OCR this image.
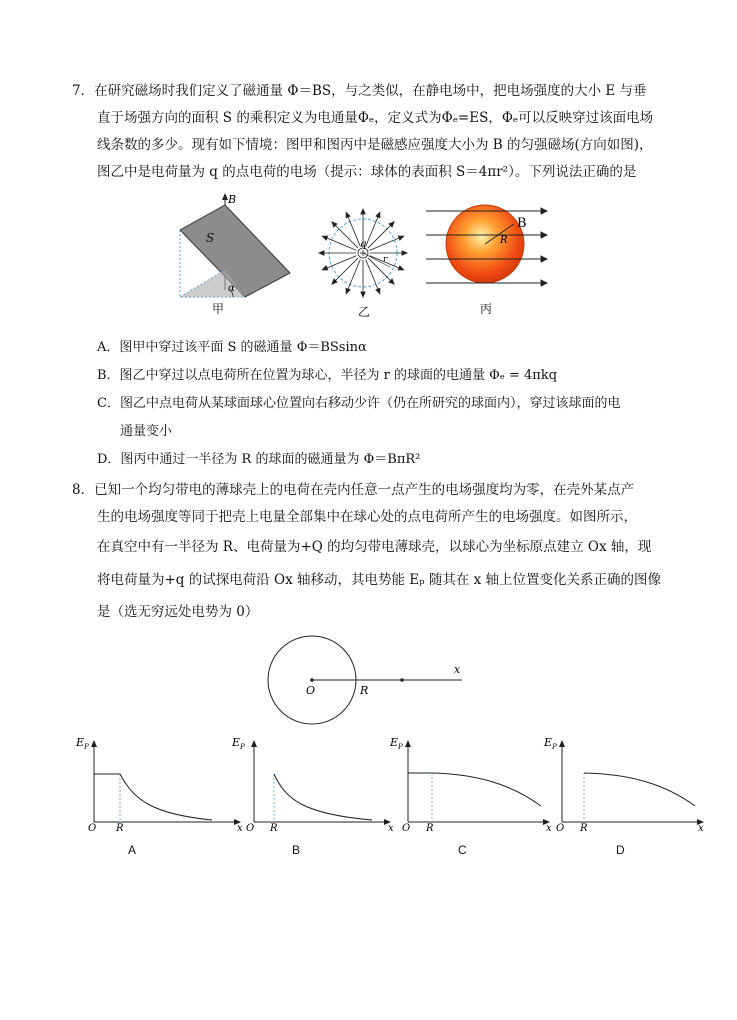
7．在研究磁场时我们定义了磁通量 Φ＝BS，与之类似，在静电场中，把电场强度的大小 E 与垂
直于场强方向的面积 S 的乘积定义为电通量Φₑ，定义式为Φₑ=ES，Φₑ可以反映穿过该面电场
线条数的多少。现有如下情境：图甲和图丙中是磁感应强度大小为 B 的匀强磁场(方向如图)，
图乙中是电荷量为 q 的点电荷的电场（提示：球体的表面积 S＝4πr²）。下列说法正确的是
B
S
α
甲
q
r
乙
B
R
丙
A．图甲中穿过该平面 S 的磁通量 Φ＝BSsinα
B．图乙中穿过以点电荷所在位置为球心，半径为 r 的球面的电通量 Φₑ = 4πkq
C．图乙中点电荷从某球面球心位置向右移动少许（仍在所研究的球面内），穿过该球面的电
通量变小
D．图丙中通过一半径为 R 的球面的磁通量为 Φ＝BπR²
8．已知一个均匀带电的薄球壳上的电荷在壳内任意一点产生的电场强度均为零，在壳外某点产
生的电场强度等同于把壳上电量全部集中在球心处的点电荷所产生的电场强度。如图所示，
在真空中有一半径为 R、电荷量为+Q 的均匀带电薄球壳，以球心为坐标原点建立 Ox 轴，现
将电荷量为+q 的试探电荷沿 Ox 轴移动，其电势能 Eₚ 随其在 x 轴上位置变化关系正确的图像
是（选无穷远处电势为 0）
O	R
x
E P
O R	x
A
E P
O R	x
B
E P
O R	x
C
E P
O R	x
D
